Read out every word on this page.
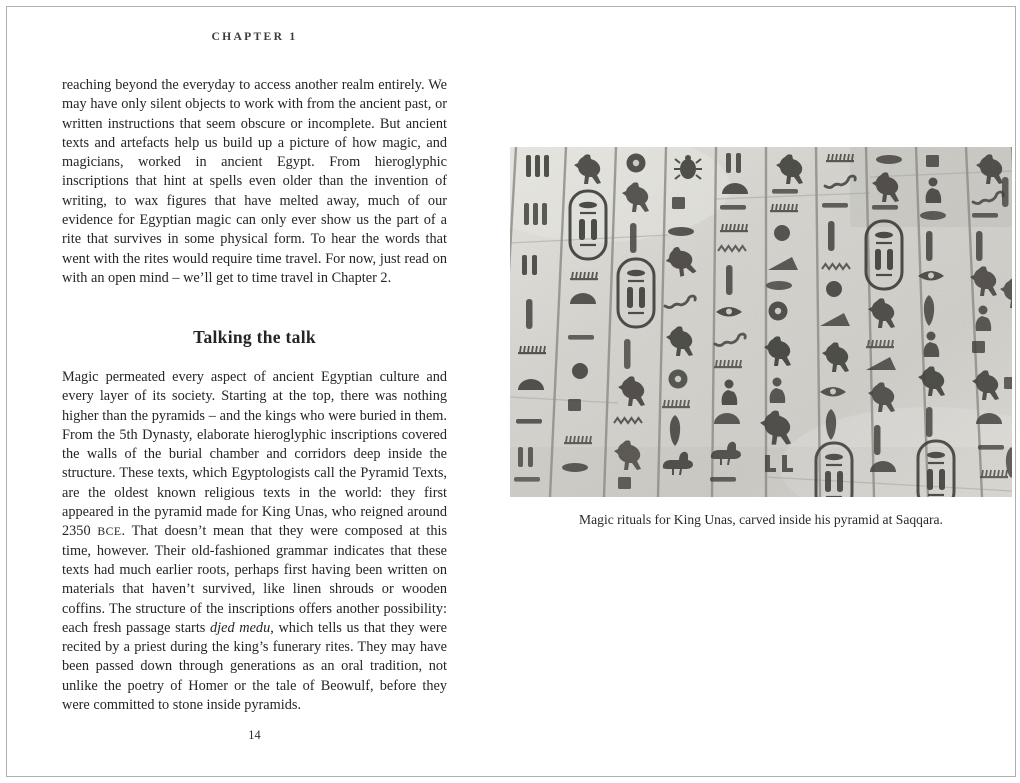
CHAPTER 1

reaching beyond the everyday to access another realm entirely. We may have only silent objects to work with from the ancient past, or written instructions that seem obscure or incomplete. But ancient texts and artefacts help us build up a picture of how magic, and magicians, worked in ancient Egypt. From hieroglyphic inscriptions that hint at spells even older than the invention of writing, to wax figures that have melted away, much of our evidence for Egyptian magic can only ever show us the part of a rite that survives in some physical form. To hear the words that went with the rites would require time travel. For now, just read on with an open mind – we’ll get to time travel in Chapter 2.

Talking the talk

Magic permeated every aspect of ancient Egyptian culture and every layer of its society. Starting at the top, there was nothing higher than the pyramids – and the kings who were buried in them. From the 5th Dynasty, elaborate hieroglyphic inscriptions covered the walls of the burial chamber and corridors deep inside the structure. These texts, which Egyptologists call the Pyramid Texts, are the oldest known religious texts in the world: they first appeared in the pyramid made for King Unas, who reigned around 2350 BCE. That doesn’t mean that they were composed at this time, however. Their old-fashioned grammar indicates that these texts had much earlier roots, perhaps first having been written on materials that haven’t survived, like linen shrouds or wooden coffins. The structure of the inscriptions offers another possibility: each fresh passage starts djed medu, which tells us that they were recited by a priest during the king’s funerary rites. They may have been passed down through generations as an oral tradition, not unlike the poetry of Homer or the tale of Beowulf, before they were committed to stone inside pyramids.

14
Magic rituals for King Unas, carved inside his pyramid at Saqqara.
